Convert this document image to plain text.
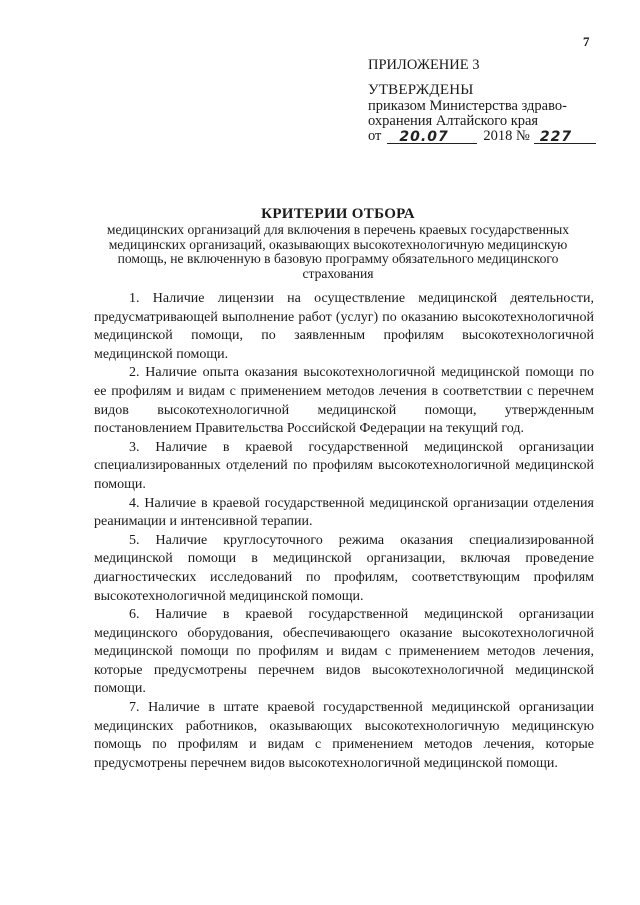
7
ПРИЛОЖЕНИЕ 3
УТВЕРЖДЕНЫ
приказом Министерства здраво-
охранения Алтайского края
от 20.07 2018 № 227
КРИТЕРИИ ОТБОРА
медицинских организаций для включения в перечень краевых государственных медицинских организаций, оказывающих высокотехнологичную медицинскую помощь, не включенную в базовую программу обязательного медицинского страхования

1. Наличие лицензии на осуществление медицинской деятельности, предусматривающей выполнение работ (услуг) по оказанию высокотехнологичной медицинской помощи, по заявленным профилям высокотехнологичной медицинской помощи.

2. Наличие опыта оказания высокотехнологичной медицинской помощи по ее профилям и видам с применением методов лечения в соответствии с перечнем видов высокотехнологичной медицинской помощи, утвержденным постановлением Правительства Российской Федерации на текущий год.

3. Наличие в краевой государственной медицинской организации специализированных отделений по профилям высокотехнологичной медицинской помощи.

4. Наличие в краевой государственной медицинской организации отделения реанимации и интенсивной терапии.

5. Наличие круглосуточного режима оказания специализированной медицинской помощи в медицинской организации, включая проведение диагностических исследований по профилям, соответствующим профилям высокотехнологичной медицинской помощи.

6. Наличие в краевой государственной медицинской организации медицинского оборудования, обеспечивающего оказание высокотехнологичной медицинской помощи по профилям и видам с применением методов лечения, которые предусмотрены перечнем видов высокотехнологичной медицинской помощи.

7. Наличие в штате краевой государственной медицинской организации медицинских работников, оказывающих высокотехнологичную медицинскую помощь по профилям и видам с применением методов лечения, которые предусмотрены перечнем видов высокотехнологичной медицинской помощи.
